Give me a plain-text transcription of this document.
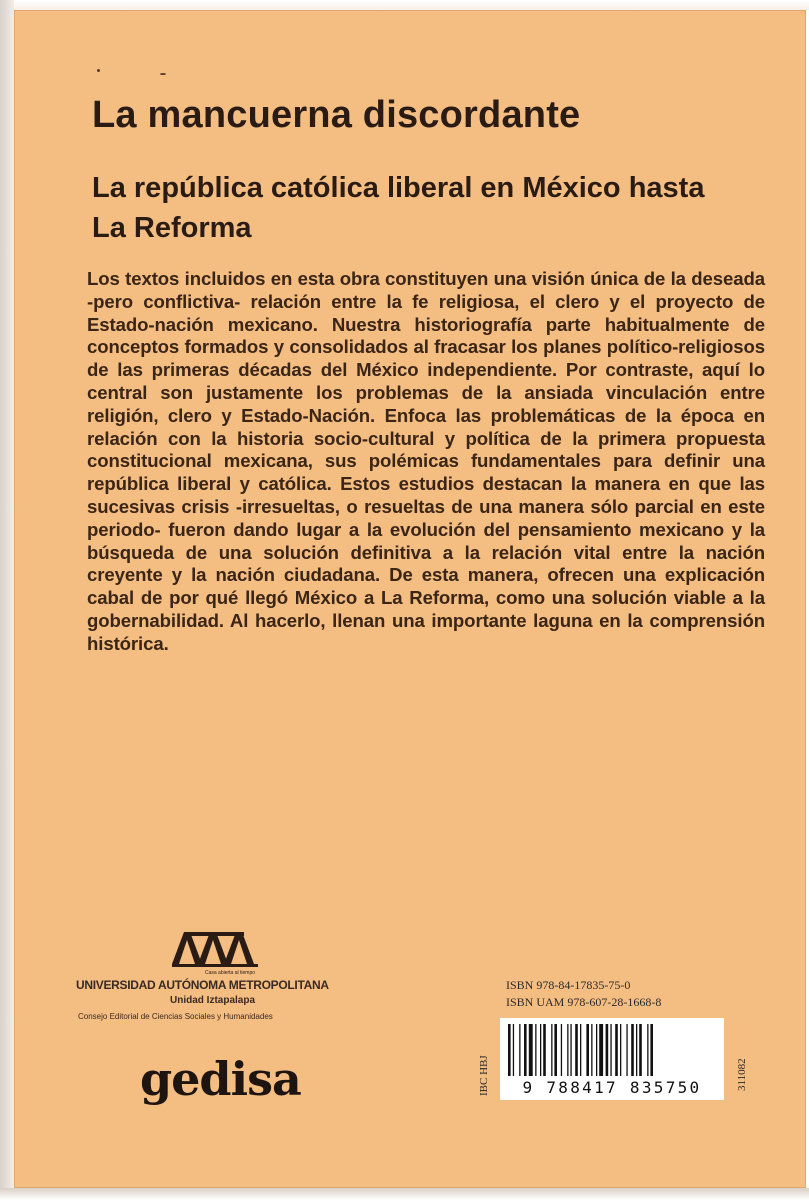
La mancuerna discordante
La república católica liberal en México hasta La Reforma

Los textos incluidos en esta obra constituyen una visión única de la deseada -pero conflictiva- relación entre la fe religiosa, el clero y el proyecto de Estado-nación mexicano. Nuestra historiografía parte habitualmente de conceptos formados y consolidados al fracasar los planes político-religiosos de las primeras décadas del México independiente. Por contraste, aquí lo central son justamente los problemas de la ansiada vinculación entre religión, clero y Estado-Nación. Enfoca las problemáticas de la época en relación con la historia socio-cultural y política de la primera propuesta constitucional mexicana, sus polémicas fundamentales para definir una república liberal y católica. Estos estudios destacan la manera en que las sucesivas crisis -irresueltas, o resueltas de una manera sólo parcial en este periodo- fueron dando lugar a la evolución del pensamiento mexicano y la búsqueda de una solución definitiva a la relación vital entre la nación creyente y la nación ciudadana. De esta manera, ofrecen una explicación cabal de por qué llegó México a La Reforma, como una solución viable a la gobernabilidad. Al hacerlo, llenan una importante laguna en la comprensión histórica.

Casa abierta al tiempo
UNIVERSIDAD AUTÓNOMA METROPOLITANA
Unidad Iztapalapa
Consejo Editorial de Ciencias Sociales y Humanidades
gedisa
ISBN 978-84-17835-75-0
ISBN UAM 978-607-28-1668-8
IBC HBJ	311082
9 788417 835750
